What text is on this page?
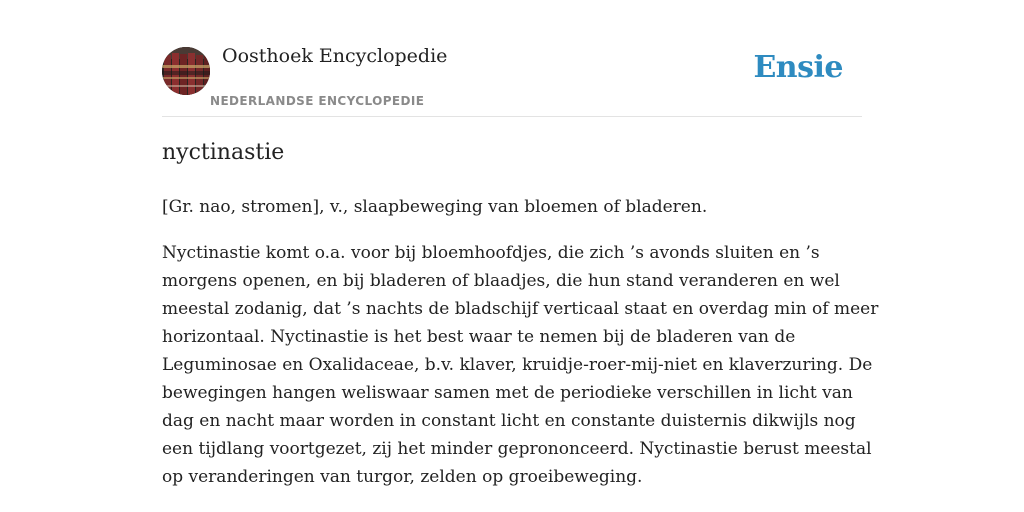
Oosthoek Encyclopedie
NEDERLANDSE ENCYCLOPEDIE
Ensie
nyctinastie

[Gr. nao, stromen], v., slaapbeweging van bloemen of bladeren.

Nyctinastie komt o.a. voor bij bloemhoofdjes, die zich ’s avonds sluiten en ’s
morgens openen, en bij bladeren of blaadjes, die hun stand veranderen en wel
meestal zodanig, dat ’s nachts de bladschijf verticaal staat en overdag min of meer
horizontaal. Nyctinastie is het best waar te nemen bij de bladeren van de
Leguminosae en Oxalidaceae, b.v. klaver, kruidje-roer-mij-niet en klaverzuring. De
bewegingen hangen weliswaar samen met de periodieke verschillen in licht van
dag en nacht maar worden in constant licht en constante duisternis dikwijls nog
een tijdlang voortgezet, zij het minder geprononceerd. Nyctinastie berust meestal
op veranderingen van turgor, zelden op groeibeweging.
